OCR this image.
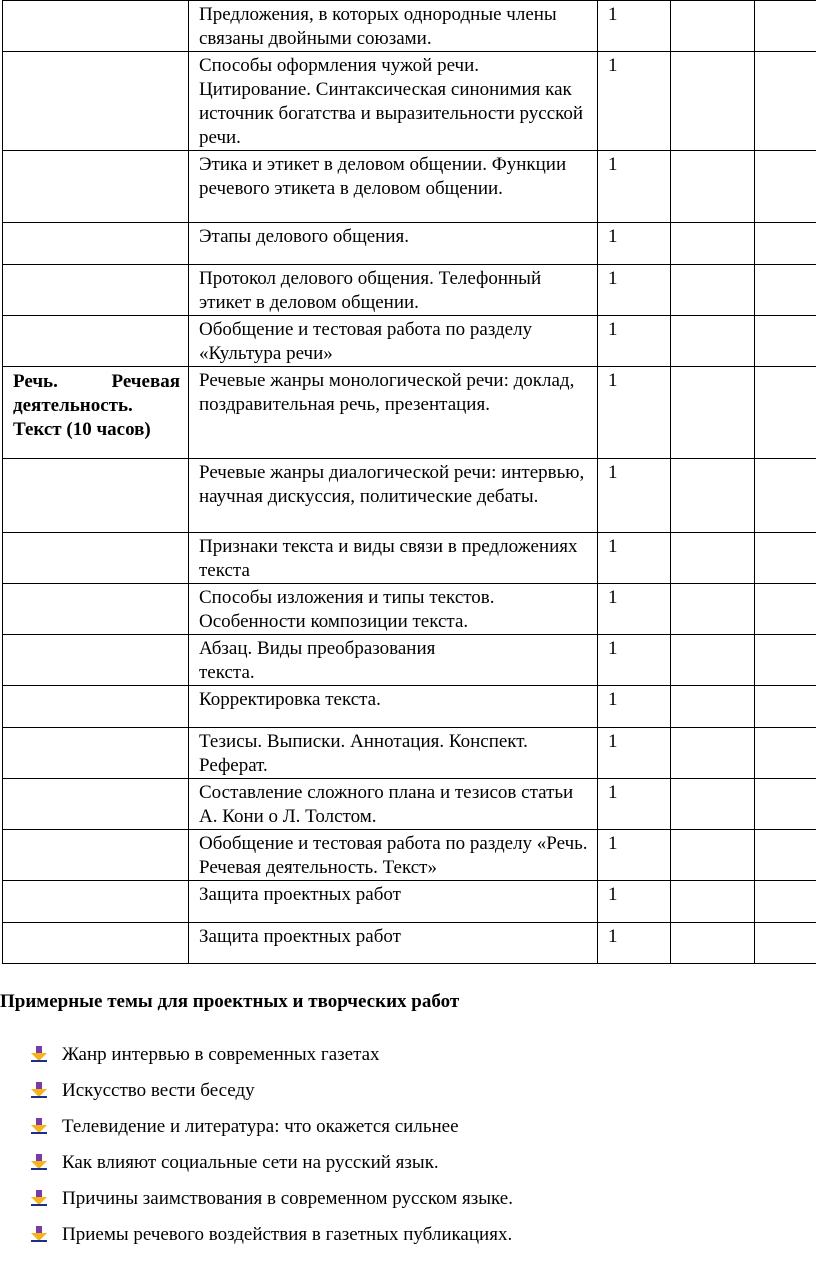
	Предложения, в которых однородные члены связаны двойными союзами.	1		
	Способы оформления чужой речи. Цитирование. Синтаксическая синонимия как источник богатства и выразительности русской речи.	1		
	Этика и этикет в деловом общении. Функции речевого этикета в деловом общении.	1		
	Этапы делового общения.	1		
	Протокол делового общения. Телефонный этикет в деловом общении.	1		
	Обобщение и тестовая работа по разделу «Культура речи»	1		

Речь. Речевая деятельность. Текст (10 часов)	Речевые жанры монологической речи: доклад, поздравительная речь, презентация.	1		
	Речевые жанры диалогической речи: интервью, научная дискуссия, политические дебаты.	1		
	Признаки текста и виды связи в предложениях текста	1		
	Способы изложения и типы текстов. Особенности композиции текста.	1		
	Абзац. Виды преобразования текста.	1		
	Корректировка текста.	1		
	Тезисы. Выписки. Аннотация. Конспект. Реферат.	1		
	Составление сложного плана и тезисов статьи А. Кони о Л. Толстом.	1		
	Обобщение и тестовая работа по разделу «Речь. Речевая деятельность. Текст»	1		
	Защита проектных работ	1		
	Защита проектных работ	1		
Примерные темы для проектных и творческих работ
Жанр интервью в современных газетах
Искусство вести беседу
Телевидение и литература: что окажется сильнее
Как влияют социальные сети на русский язык.
Причины заимствования в современном русском языке.
Приемы речевого воздействия в газетных публикациях.
